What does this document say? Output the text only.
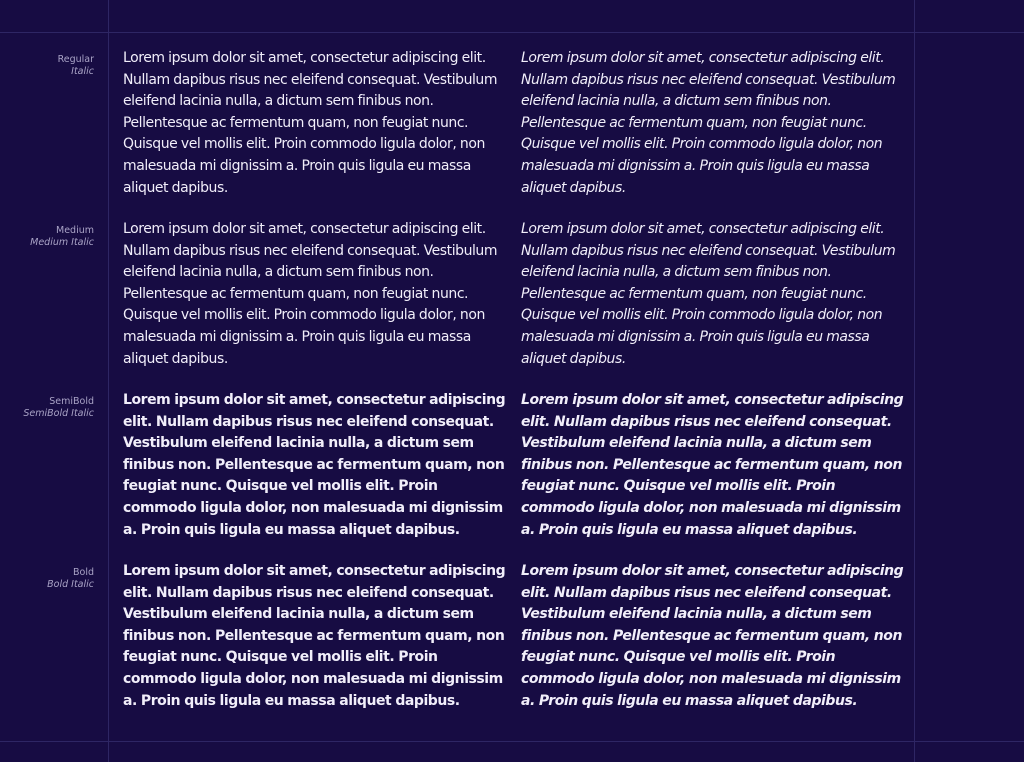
Regular
Italic

Lorem ipsum dolor sit amet, consectetur adipiscing elit. Nullam dapibus risus nec eleifend consequat. Vestibulum eleifend lacinia nulla, a dictum sem finibus non. Pellentesque ac fermentum quam, non feugiat nunc. Quisque vel mollis elit. Proin commodo ligula dolor, non malesuada mi dignissim a. Proin quis ligula eu massa aliquet dapibus.

Lorem ipsum dolor sit amet, consectetur adipiscing elit. Nullam dapibus risus nec eleifend consequat. Vestibulum eleifend lacinia nulla, a dictum sem finibus non. Pellentesque ac fermentum quam, non feugiat nunc. Quisque vel mollis elit. Proin commodo ligula dolor, non malesuada mi dignissim a. Proin quis ligula eu massa aliquet dapibus.

Medium
Medium Italic

Lorem ipsum dolor sit amet, consectetur adipiscing elit. Nullam dapibus risus nec eleifend consequat. Vestibulum eleifend lacinia nulla, a dictum sem finibus non. Pellentesque ac fermentum quam, non feugiat nunc. Quisque vel mollis elit. Proin commodo ligula dolor, non malesuada mi dignissim a. Proin quis ligula eu massa aliquet dapibus.

Lorem ipsum dolor sit amet, consectetur adipiscing elit. Nullam dapibus risus nec eleifend consequat. Vestibulum eleifend lacinia nulla, a dictum sem finibus non. Pellentesque ac fermentum quam, non feugiat nunc. Quisque vel mollis elit. Proin commodo ligula dolor, non malesuada mi dignissim a. Proin quis ligula eu massa aliquet dapibus.

SemiBold
SemiBold Italic

Lorem ipsum dolor sit amet, consectetur adipiscing elit. Nullam dapibus risus nec eleifend consequat. Vestibulum eleifend lacinia nulla, a dictum sem finibus non. Pellentesque ac fermentum quam, non feugiat nunc. Quisque vel mollis elit. Proin commodo ligula dolor, non malesuada mi dignissim a. Proin quis ligula eu massa aliquet dapibus.

Lorem ipsum dolor sit amet, consectetur adipiscing elit. Nullam dapibus risus nec eleifend consequat. Vestibulum eleifend lacinia nulla, a dictum sem finibus non. Pellentesque ac fermentum quam, non feugiat nunc. Quisque vel mollis elit. Proin commodo ligula dolor, non malesuada mi dignissim a. Proin quis ligula eu massa aliquet dapibus.

Bold
Bold Italic

Lorem ipsum dolor sit amet, consectetur adipiscing elit. Nullam dapibus risus nec eleifend consequat. Vestibulum eleifend lacinia nulla, a dictum sem finibus non. Pellentesque ac fermentum quam, non feugiat nunc. Quisque vel mollis elit. Proin commodo ligula dolor, non malesuada mi dignissim a. Proin quis ligula eu massa aliquet dapibus.

Lorem ipsum dolor sit amet, consectetur adipiscing elit. Nullam dapibus risus nec eleifend consequat. Vestibulum eleifend lacinia nulla, a dictum sem finibus non. Pellentesque ac fermentum quam, non feugiat nunc. Quisque vel mollis elit. Proin commodo ligula dolor, non malesuada mi dignissim a. Proin quis ligula eu massa aliquet dapibus.
